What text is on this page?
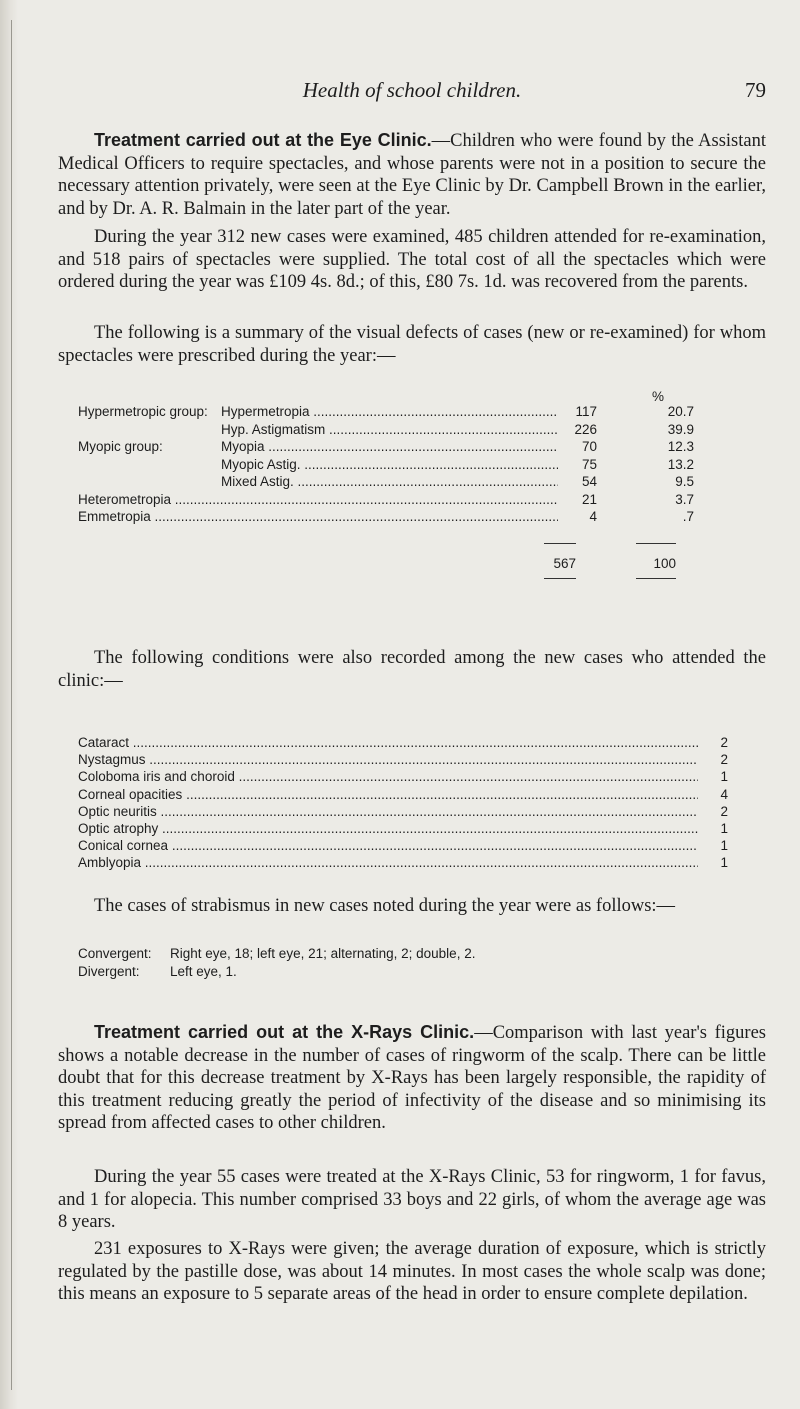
Health of school children.	79

Treatment carried out at the Eye Clinic.—Children who were found by the Assistant Medical Officers to require spectacles, and whose parents were not in a position to secure the necessary attention privately, were seen at the Eye Clinic by Dr. Campbell Brown in the earlier, and by Dr. A. R. Balmain in the later part of the year.

During the year 312 new cases were examined, 485 children attended for re-examination, and 518 pairs of spectacles were supplied. The total cost of all the spectacles which were ordered during the year was £109 4s. 8d.; of this, £80 7s. 1d. was recovered from the parents.

The following is a summary of the visual defects of cases (new or re-examined) for whom spectacles were prescribed during the year:—

%
Hypermetropic group: Hypermetropia .....	117	20.7
Hyp. Astigmatism .....	226	39.9
Myopic group:	Myopia .....	70	12.3
Myopic Astig. .....	75	13.2
Mixed Astig. .....	54	9.5
Heterometropia .....	21	3.7
Emmetropia .....	4	.7
567	100

The following conditions were also recorded among the new cases who attended the clinic:—

Cataract .....	2
Nystagmus .....	2
Coloboma iris and choroid .....	1
Corneal opacities .....	4
Optic neuritis .....	2
Optic atrophy .....	1
Conical cornea .....	1
Amblyopia .....	1

The cases of strabismus in new cases noted during the year were as follows:—

Convergent: Right eye, 18; left eye, 21; alternating, 2; double, 2.
Divergent: Left eye, 1.

Treatment carried out at the X-Rays Clinic.—Comparison with last year's figures shows a notable decrease in the number of cases of ringworm of the scalp. There can be little doubt that for this decrease treatment by X-Rays has been largely responsible, the rapidity of this treatment reducing greatly the period of infectivity of the disease and so minimising its spread from affected cases to other children.

During the year 55 cases were treated at the X-Rays Clinic, 53 for ringworm, 1 for favus, and 1 for alopecia. This number comprised 33 boys and 22 girls, of whom the average age was 8 years.

231 exposures to X-Rays were given; the average duration of exposure, which is strictly regulated by the pastille dose, was about 14 minutes. In most cases the whole scalp was done; this means an exposure to 5 separate areas of the head in order to ensure complete depilation.
